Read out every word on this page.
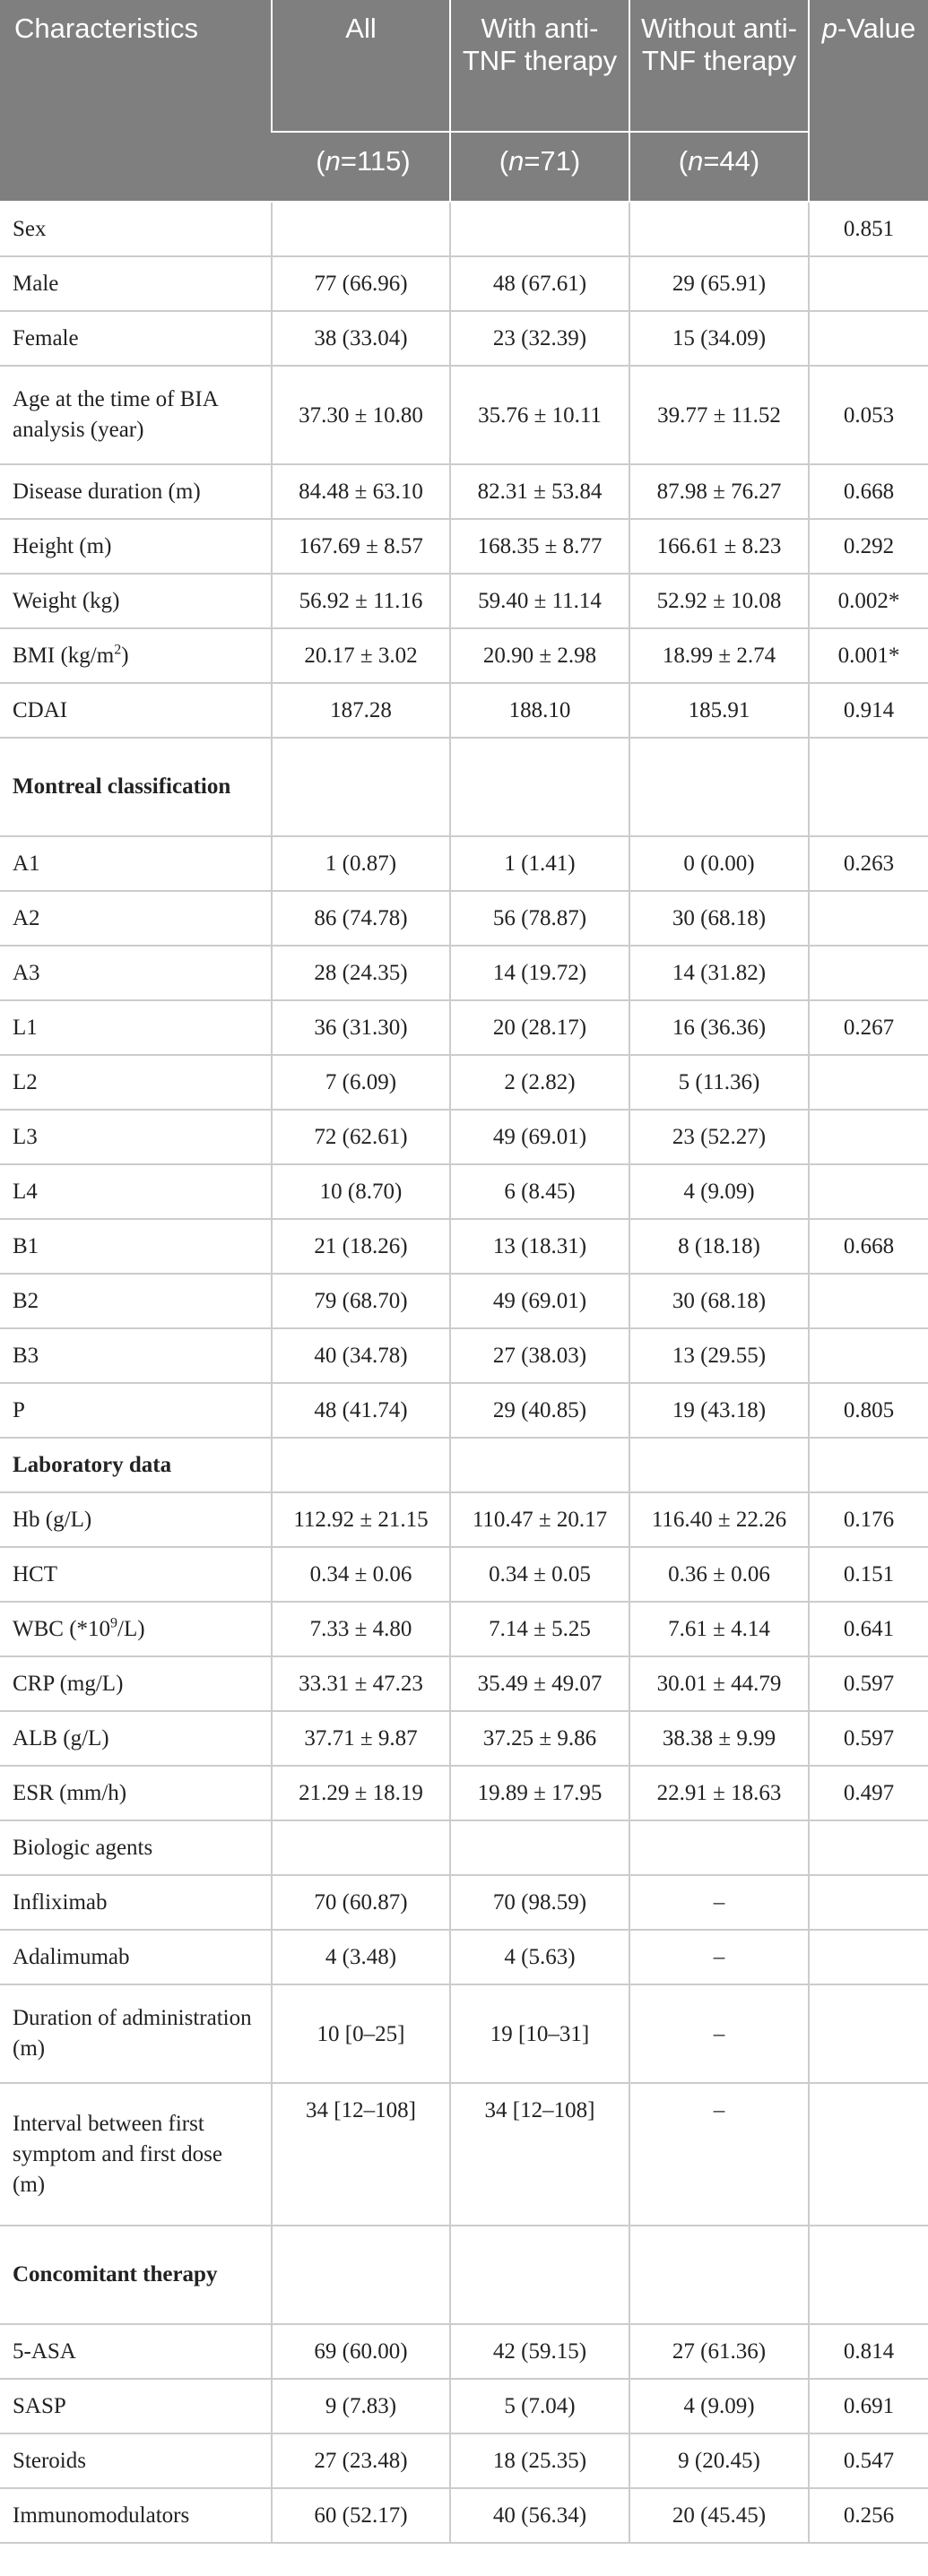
Characteristics	All	With anti-TNF therapy	Without anti-TNF therapy	p-Value
	(n=115)	(n=71)	(n=44)	
Sex				0.851
Male	77 (66.96)	48 (67.61)	29 (65.91)	
Female	38 (33.04)	23 (32.39)	15 (34.09)	
Age at the time of BIA analysis (year)	37.30 ± 10.80	35.76 ± 10.11	39.77 ± 11.52	0.053
Disease duration (m)	84.48 ± 63.10	82.31 ± 53.84	87.98 ± 76.27	0.668
Height (m)	167.69 ± 8.57	168.35 ± 8.77	166.61 ± 8.23	0.292
Weight (kg)	56.92 ± 11.16	59.40 ± 11.14	52.92 ± 10.08	0.002*
BMI $(kg/m^2)$	20.17 ± 3.02	20.90 ± 2.98	18.99 ± 2.74	0.001*
CDAI	187.28	188.10	185.91	0.914
Montreal classification				
A1	1 (0.87)	1 (1.41)	0 (0.00)	0.263
A2	86 (74.78)	56 (78.87)	30 (68.18)	
A3	28 (24.35)	14 (19.72)	14 (31.82)	
L1	36 (31.30)	20 (28.17)	16 (36.36)	0.267
L2	7 (6.09)	2 (2.82)	5 (11.36)	
L3	72 (62.61)	49 (69.01)	23 (52.27)	
L4	10 (8.70)	6 (8.45)	4 (9.09)	
B1	21 (18.26)	13 (18.31)	8 (18.18)	0.668
B2	79 (68.70)	49 (69.01)	30 (68.18)	
B3	40 (34.78)	27 (38.03)	13 (29.55)	
P	48 (41.74)	29 (40.85)	19 (43.18)	0.805
Laboratory data				
Hb (g/L)	112.92 ± 21.15	110.47 ± 20.17	116.40 ± 22.26	0.176
HCT	0.34 ± 0.06	0.34 ± 0.05	0.36 ± 0.06	0.151
WBC $(*10^9/L)$	7.33 ± 4.80	7.14 ± 5.25	7.61 ± 4.14	0.641
CRP (mg/L)	33.31 ± 47.23	35.49 ± 49.07	30.01 ± 44.79	0.597
ALB (g/L)	37.71 ± 9.87	37.25 ± 9.86	38.38 ± 9.99	0.597
ESR (mm/h)	21.29 ± 18.19	19.89 ± 17.95	22.91 ± 18.63	0.497
Biologic agents				
Infliximab	70 (60.87)	70 (98.59)	–	
Adalimumab	4 (3.48)	4 (5.63)	–	
Duration of administration (m)	10 [0–25]	19 [10–31]	–	
Interval between first symptom and first dose (m)	34 [12–108]	34 [12–108]	–	
Concomitant therapy				
5-ASA	69 (60.00)	42 (59.15)	27 (61.36)	0.814
SASP	9 (7.83)	5 (7.04)	4 (9.09)	0.691
Steroids	27 (23.48)	18 (25.35)	9 (20.45)	0.547
Immunomodulators	60 (52.17)	40 (56.34)	20 (45.45)	0.256
